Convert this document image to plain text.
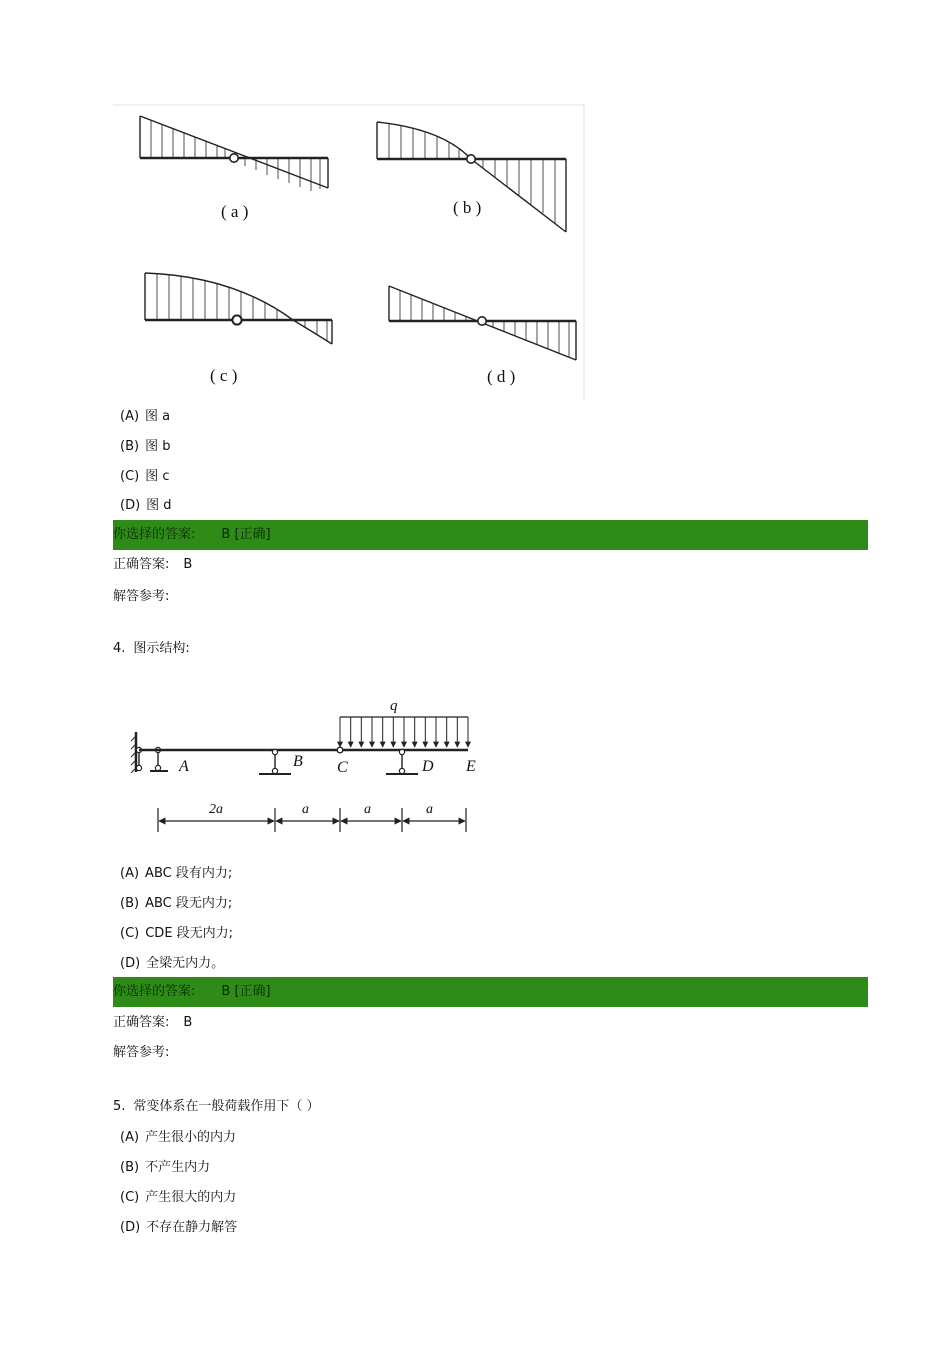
( a )	( b )
( c )	( d )
(A) 图 a
(B) 图 b
(C) 图 c
(D) 图 d
你选择的答案: B [正确]
正确答案: B
解答参考:
4. 图示结构:
q
A	B C	D E
2a	a	a	a
(A) ABC 段有内力;
(B) ABC 段无内力;
(C) CDE 段无内力;
(D) 全梁无内力。
你选择的答案: B [正确]
正确答案: B
解答参考:
5. 常变体系在一般荷载作用下（ ）
(A) 产生很小的内力
(B) 不产生内力
(C) 产生很大的内力
(D) 不存在静力解答
